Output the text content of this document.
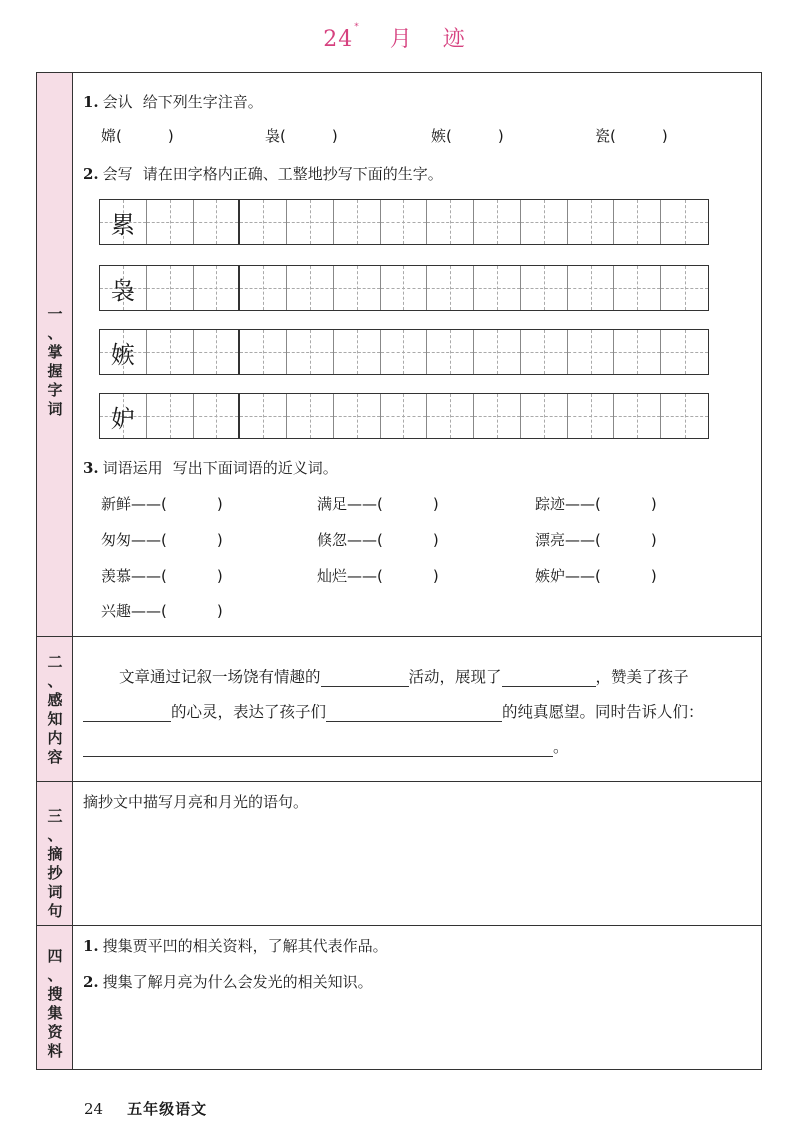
24* 月 迹
一
、
掌
握
字
词
二
、
感
知
内
容
三
、
摘
抄
词
句
四
、
搜
集
资
料
1. 会认 给下列生字注音。
嫦(	)	袅(	)	嫉(	)	瓷(	)
2. 会写 请在田字格内正确、工整地抄写下面的生字。
累
袅
嫉
妒
3. 词语运用 写出下面词语的近义词。
新鲜——(	)	满足——(	)	踪迹——(	)
匆匆——(	)	倏忽——(	)	漂亮——(	)
羡慕——(	)	灿烂——(	)	嫉妒——(	)
兴趣——(	)
文章通过记叙一场饶有情趣的	活动，展现了	，赞美了孩子
的心灵，表达了孩子们	的纯真愿望。同时告诉人们：
。
摘抄文中描写月亮和月光的语句。
1. 搜集贾平凹的相关资料，了解其代表作品。
2. 搜集了解月亮为什么会发光的相关知识。
24 五年级语文
